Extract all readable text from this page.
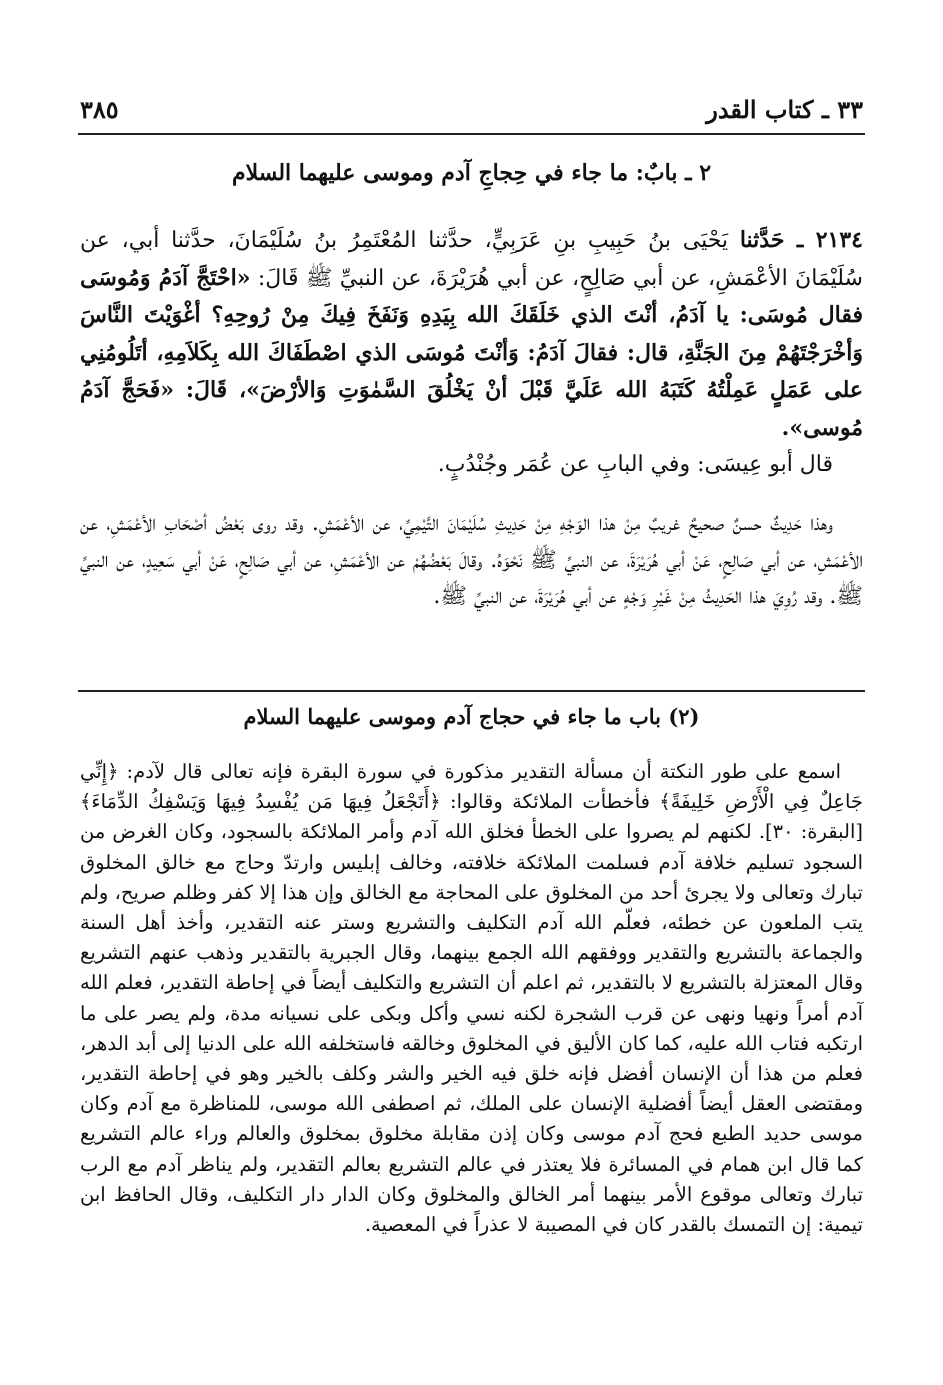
٣٣ ـ كتاب القدر
٣٨٥
٢ ـ بابٌ: ما جاء في حِجاجِ آدم وموسى عليهما السلام
٢١٣٤ ـ حَدَّثنا يَحْيَى بنُ حَبِيبِ بنِ عَرَبِيٍّ، حدَّثنا المُعْتَمِرُ بنُ سُلَيْمَانَ، حدَّثنا أبي، عن سُلَيْمَانَ الأعْمَشِ، عن أبي صَالِحٍ، عن أبي هُرَيْرَةَ، عن النبيِّ ﷺ قَالَ: «احْتَجَّ آدَمُ وَمُوسَى فقال مُوسَى: يا آدَمُ، أنْتَ الذي خَلَقَكَ الله بِيَدِهِ وَنَفَخَ فِيكَ مِنْ رُوحِهِ؟ أغْوَيْتَ النَّاسَ وَأخْرَجْتَهُمْ مِنَ الجَنَّةِ، قال: فقالَ آدَمُ: وَأنْتَ مُوسَى الذي اصْطَفَاكَ الله بِكَلاَمِهِ، أتَلُومُنِي على عَمَلٍ عَمِلْتُهُ كَتَبَهُ الله عَلَيَّ قَبْلَ أنْ يَخْلُقَ السَّمٰوَتِ وَالأرْضَ»، قَالَ: «فَحَجَّ آدَمُ مُوسى».
قال أبو عِيسَى: وفي البابِ عن عُمَر وجُنْدُبٍ.
وهذا حَدِيثٌ حسنٌ صحيحٌ غريبٌ مِنْ هذا الوَجْهِ مِنْ حَدِيثِ سُلَيْمَانَ التَّيْمِيِّ، عن الأعْمَشِ. وقد روى بَعْضُ أصْحَابِ الأعْمَشِ، عن الأعْمَشِ، عن أبي صَالِحٍ، عَنْ أبي هُرَيْرَةَ، عن النبيِّ ﷺ نَحْوَهُ. وقالَ بَعْضُهُمْ عن الأعْمَشِ، عن أبي صَالِحٍ، عَنْ أبي سَعِيدٍ، عن النبيِّ ﷺ. وقد رُوِيَ هذا الحَدِيثُ مِنْ غَيْرِ وَجْهٍ عن أبي هُرَيْرَةَ، عن النبيِّ ﷺ.
(٢) باب ما جاء في حجاج آدم وموسى عليهما السلام
اسمع على طور النكتة أن مسألة التقدير مذكورة في سورة البقرة فإنه تعالى قال لآدم: ﴿إِنِّي جَاعِلٌ فِي الْأَرْضِ خَلِيفَةً﴾ فأخطأت الملائكة وقالوا: ﴿أَتَجْعَلُ فِيهَا مَن يُفْسِدُ فِيهَا وَيَسْفِكُ الدِّمَاءَ﴾ [البقرة: ٣٠]. لكنهم لم يصروا على الخطأ فخلق الله آدم وأمر الملائكة بالسجود، وكان الغرض من السجود تسليم خلافة آدم فسلمت الملائكة خلافته، وخالف إبليس وارتدّ وحاج مع خالق المخلوق تبارك وتعالى ولا يجرئ أحد من المخلوق على المحاجة مع الخالق وإن هذا إلا كفر وظلم صريح، ولم يتب الملعون عن خطئه، فعلّم الله آدم التكليف والتشريع وستر عنه التقدير، وأخذ أهل السنة والجماعة بالتشريع والتقدير ووفقهم الله الجمع بينهما، وقال الجبرية بالتقدير وذهب عنهم التشريع وقال المعتزلة بالتشريع لا بالتقدير، ثم اعلم أن التشريع والتكليف أيضاً في إحاطة التقدير، فعلم الله آدم أمراً ونهيا ونهى عن قرب الشجرة لكنه نسي وأكل وبكى على نسيانه مدة، ولم يصر على ما ارتكبه فتاب الله عليه، كما كان الأليق في المخلوق وخالقه فاستخلفه الله على الدنيا إلى أبد الدهر، فعلم من هذا أن الإنسان أفضل فإنه خلق فيه الخير والشر وكلف بالخير وهو في إحاطة التقدير، ومقتضى العقل أيضاً أفضلية الإنسان على الملك، ثم اصطفى الله موسى، للمناظرة مع آدم وكان موسى حديد الطبع فحج آدم موسى وكان إذن مقابلة مخلوق بمخلوق والعالم وراء عالم التشريع كما قال ابن همام في المسائرة فلا يعتذر في عالم التشريع بعالم التقدير، ولم يناظر آدم مع الرب تبارك وتعالى موقوع الأمر بينهما أمر الخالق والمخلوق وكان الدار دار التكليف، وقال الحافظ ابن تيمية: إن التمسك بالقدر كان في المصيبة لا عذراً في المعصية.
